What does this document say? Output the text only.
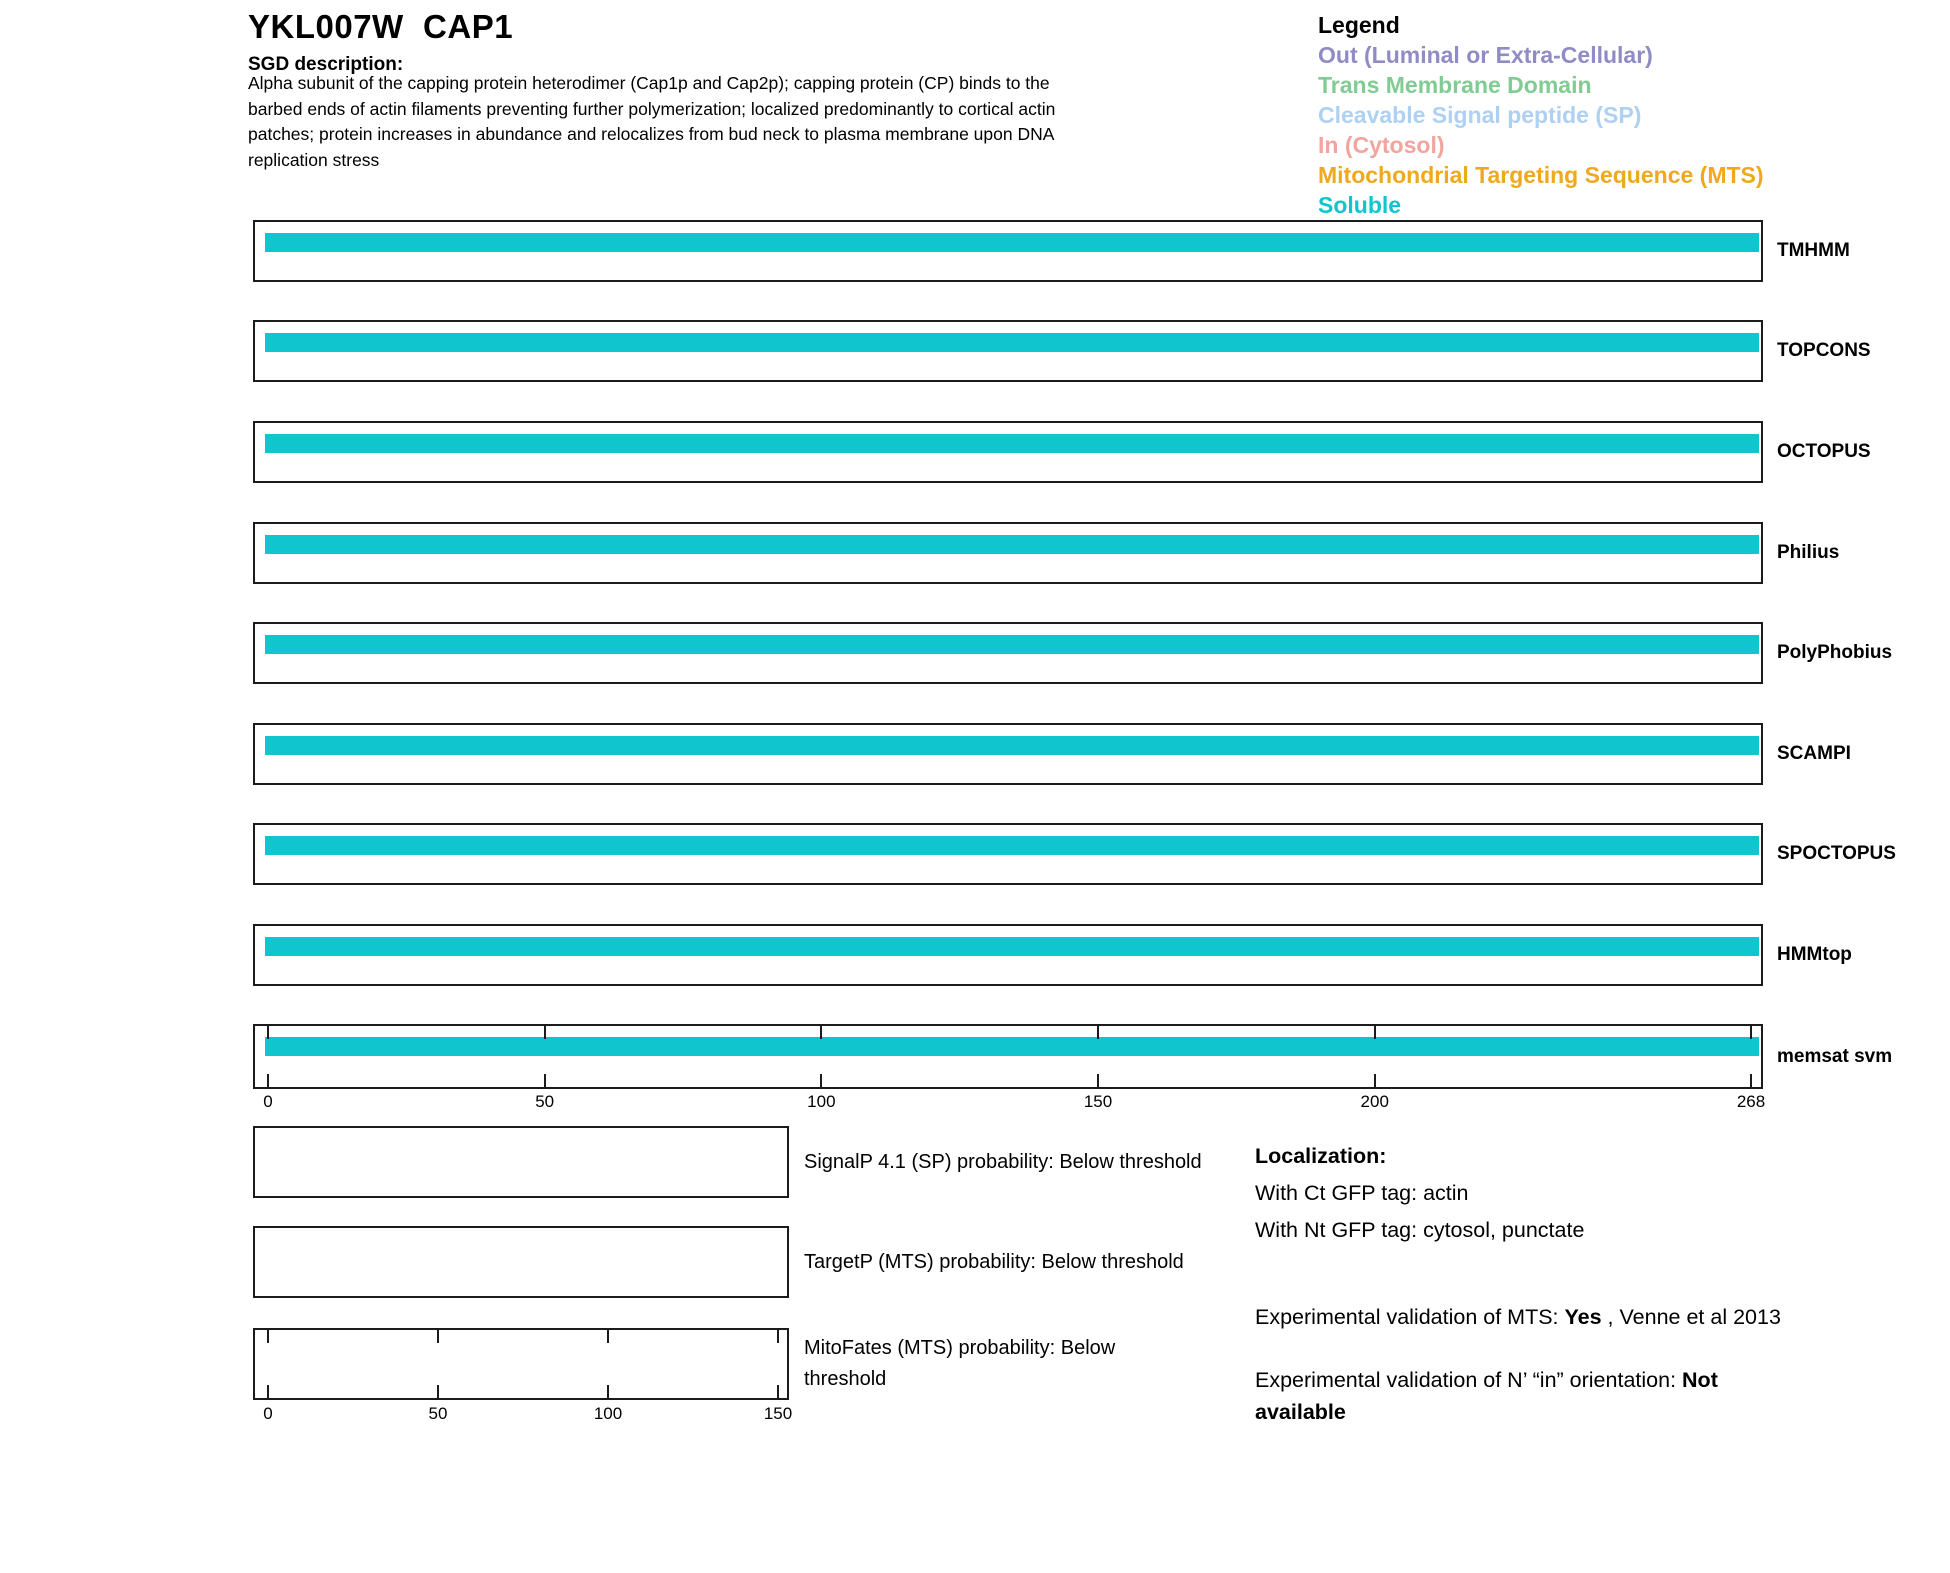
YKL007W  CAP1
SGD description:
Alpha subunit of the capping protein heterodimer (Cap1p and Cap2p); capping protein (CP) binds to the
barbed ends of actin filaments preventing further polymerization; localized predominantly to cortical actin
patches; protein increases in abundance and relocalizes from bud neck to plasma membrane upon DNA
replication stress
Legend
Out (Luminal or Extra-Cellular)
Trans Membrane Domain
Cleavable Signal peptide (SP)
In (Cytosol)
Mitochondrial Targeting Sequence (MTS)
Soluble
TMHMM
TOPCONS
OCTOPUS
Philius
PolyPhobius
SCAMPI
SPOCTOPUS
HMMtop
memsat svm
0	50	100	150	200	268
SignalP 4.1 (SP) probability: Below threshold
TargetP (MTS) probability: Below threshold
MitoFates (MTS) probability: Below threshold
0	50	100	150
Localization:
With Ct GFP tag: actin
With Nt GFP tag: cytosol, punctate
Experimental validation of MTS: Yes , Venne et al 2013
Experimental validation of N’ “in” orientation: Not available
